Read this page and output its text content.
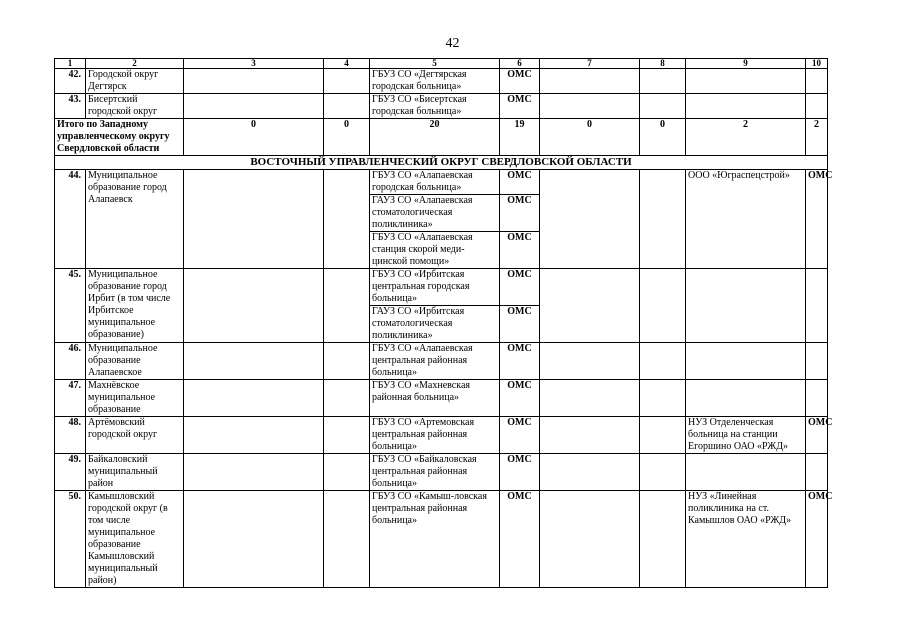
42
1	2	3	4	5	6	7	8	9	10
42.	Городской округ Дегтярск			ГБУЗ СО «Дегтярская городская больница»	ОМС				
43.	Бисертский городской округ			ГБУЗ СО «Бисертская городская больница»	ОМС				
Итого по Западному управленческому округу Свердловской области		0	0	20	19	0	0	2	2
ВОСТОЧНЫЙ УПРАВЛЕНЧЕСКИЙ ОКРУГ СВЕРДЛОВСКОЙ ОБЛАСТИ									
44.	Муниципальное образование город Алапаевск			ГБУЗ СО «Алапаевская городская больница»	ОМС			ООО «Юграспецстрой»	ОМС
				ГАУЗ СО «Алапаевская стоматологическая поликлиника»	ОМС				
				ГБУЗ СО «Алапаевская станция скорой меди-цинской помощи»	ОМС				
45.	Муниципальное образование город Ирбит (в том числе Ирбитское муниципальное образование)			ГБУЗ СО «Ирбитская центральная городская больница»	ОМС				
				ГАУЗ СО «Ирбитская стоматологическая поликлиника»	ОМС				
46.	Муниципальное образование Алапаевское			ГБУЗ СО «Алапаевская центральная районная больница»	ОМС				
47.	Махнёвское муниципальное образование			ГБУЗ СО «Махневская районная больница»	ОМС				
48.	Артёмовский городской округ			ГБУЗ СО «Артемовская центральная районная больница»	ОМС			НУЗ Отделенческая больница на станции Егоршино ОАО «РЖД»	ОМС
49.	Байкаловский муниципальный район			ГБУЗ СО «Байкаловская центральная районная больница»	ОМС				
50.	Камышловский городской округ (в том числе муниципальное образование Камышловский муниципальный район)			ГБУЗ СО «Камыш-ловская центральная районная больница»	ОМС			НУЗ «Линейная поликлиника на ст. Камышлов ОАО «РЖД»	ОМС
